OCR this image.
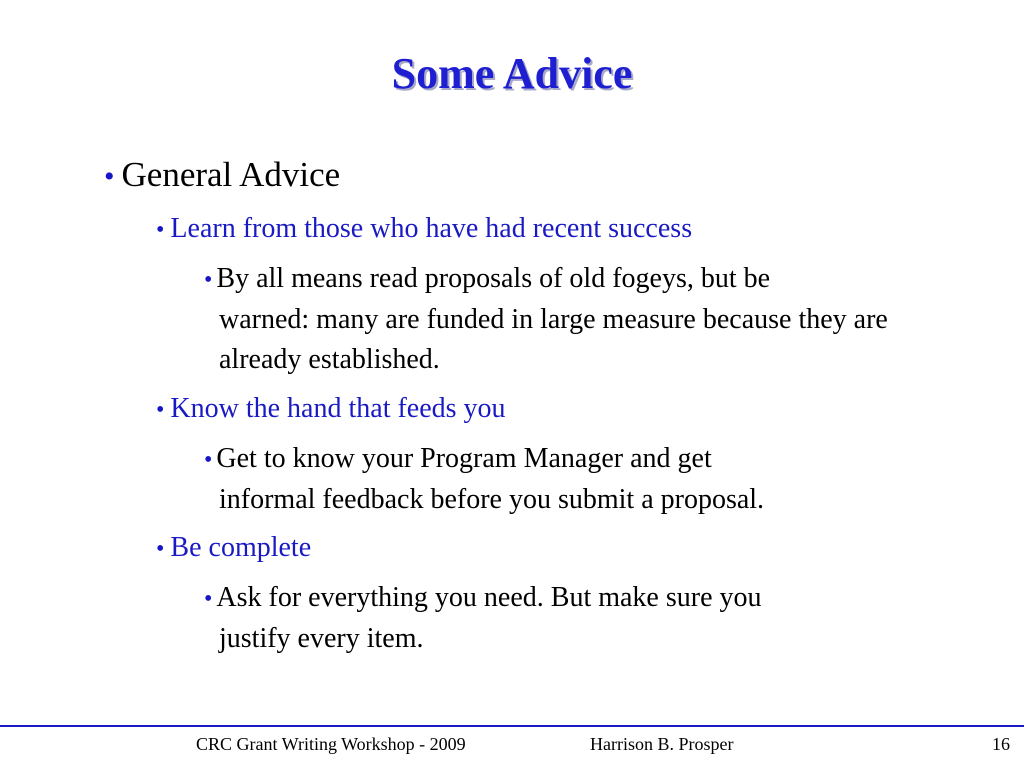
Some Advice
• General Advice
• Learn from those who have had recent success
• By all means read proposals of old fogeys, but be
warned: many are funded in large measure because they are already established.
• Know the hand that feeds you
• Get to know your Program Manager and get
informal feedback before you submit a proposal.
• Be complete
• Ask for everything you need. But make sure you
justify every item.
CRC Grant Writing Workshop - 2009	Harrison B. Prosper	16
